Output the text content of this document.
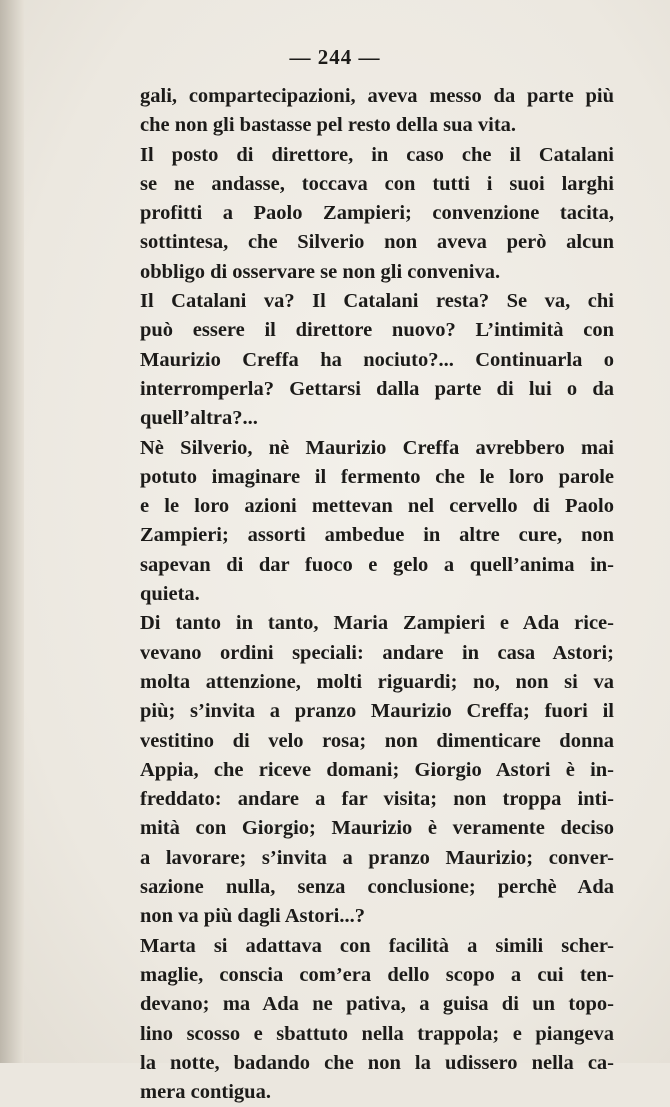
— 244 —
gali, compartecipazioni, aveva messo da parte più
che non gli bastasse pel resto della sua vita.
Il posto di direttore, in caso che il Catalani
se ne andasse, toccava con tutti i suoi larghi
profitti a Paolo Zampieri; convenzione tacita,
sottintesa, che Silverio non aveva però alcun
obbligo di osservare se non gli conveniva.
Il Catalani va? Il Catalani resta? Se va, chi
può essere il direttore nuovo? L’intimità con
Maurizio Creffa ha nociuto?... Continuarla o
interromperla? Gettarsi dalla parte di lui o da
quell’altra?...
Nè Silverio, nè Maurizio Creffa avrebbero mai
potuto imaginare il fermento che le loro parole
e le loro azioni mettevan nel cervello di Paolo
Zampieri; assorti ambedue in altre cure, non
sapevan di dar fuoco e gelo a quell’anima in-
quieta.
Di tanto in tanto, Maria Zampieri e Ada rice-
vevano ordini speciali: andare in casa Astori;
molta attenzione, molti riguardi; no, non si va
più; s’invita a pranzo Maurizio Creffa; fuori il
vestitino di velo rosa; non dimenticare donna
Appia, che riceve domani; Giorgio Astori è in-
freddato: andare a far visita; non troppa inti-
mità con Giorgio; Maurizio è veramente deciso
a lavorare; s’invita a pranzo Maurizio; conver-
sazione nulla, senza conclusione; perchè Ada
non va più dagli Astori...?
Marta si adattava con facilità a simili scher-
maglie, conscia com’era dello scopo a cui ten-
devano; ma Ada ne pativa, a guisa di un topo-
lino scosso e sbattuto nella trappola; e piangeva
la notte, badando che non la udissero nella ca-
mera contigua.
